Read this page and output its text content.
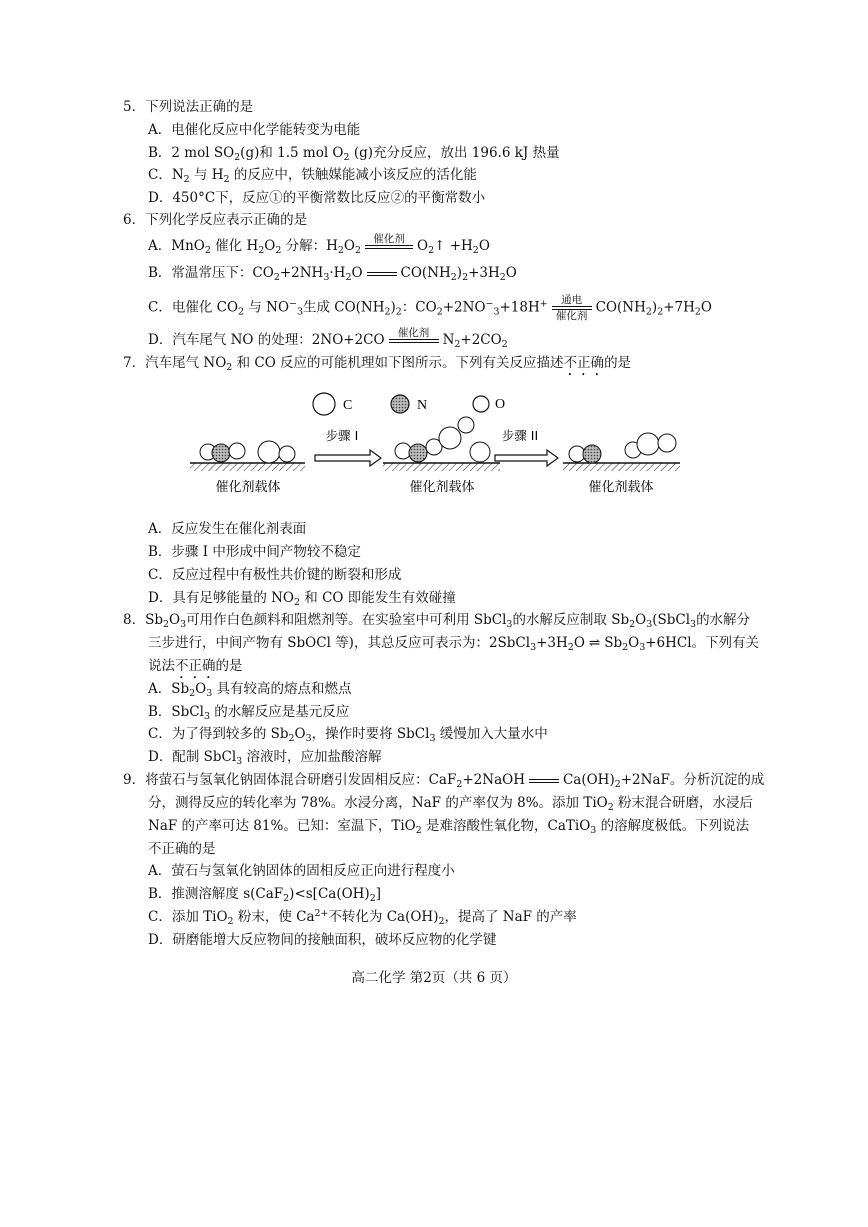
5．下列说法正确的是
A．电催化反应中化学能转变为电能
B．2 mol $SO_2(g)$和 1.5 mol $O_2$ (g)充分反应，放出 196.6 kJ 热量
C．$N_2$ 与 $H_2$ 的反应中，铁触媒能减小该反应的活化能
D．450°C下，反应①的平衡常数比反应②的平衡常数小
6．下列化学反应表示正确的是
A．MnO$_2$ 催化 $H_2O_2$ 分解：$H_2O_2$
催化剂 $O_2↑ +H_2O$
B．常温常压下：$CO_2+2NH_3\cdot H_2O$	$CO(NH_2)_2+3H_2O$
C．电催化 $CO_2$ 与 $NO^-_3$生成 $CO(NH_2)_2$：$CO_2+2NO^-_3+18H^+$	通电
催化剂
$CO(NH_2)_2+7H_2O$
D．汽车尾气 NO 的处理：2NO+2CO	催化剂 $N_2+2CO_2$
7．汽车尾气 $NO_2$ 和 CO 反应的可能机理如下图所示。下列有关反应描述不正确的是
C	N	O
催化剂载体
步骤 I
催化剂载体
步骤 II
催化剂载体
A．反应发生在催化剂表面
B．步骤 I 中形成中间产物较不稳定
C．反应过程中有极性共价键的断裂和形成
D．具有足够能量的 $NO_2$ 和 CO 即能发生有效碰撞
8．$Sb_2O_3$可用作白色颜料和阻燃剂等。在实验室中可利用 SbCl$_3$的水解反应制取 $Sb_2O_3(SbCl_3$的水解分
三步进行，中间产物有 SbOCl 等)，其总反应可表示为：$2SbCl_3+3H_2O$ ⇌ $Sb_2O_3+6HCl$。下列有关
说法不正确的是
A．$Sb_2O_3$ 具有较高的熔点和燃点
B．SbCl$_3$ 的水解反应是基元反应
C．为了得到较多的 $Sb_2O_3$，操作时要将 SbCl$_3$ 缓慢加入大量水中
D．配制 SbCl$_3$ 溶液时，应加盐酸溶解
9．将萤石与氢氧化钠固体混合研磨引发固相反应：CaF$_2$+2NaOH	$Ca(OH)_2+2NaF$。分析沉淀的成
分，测得反应的转化率为 78%。水浸分离，NaF 的产率仅为 8%。添加 TiO$_2$ 粉末混合研磨，水浸后
NaF 的产率可达 81%。已知：室温下，TiO$_2$ 是难溶酸性氧化物，CaTiO$_3$ 的溶解度极低。下列说法
不正确的是
A．萤石与氢氧化钠固体的固相反应正向进行程度小
B．推测溶解度 $s(CaF_2)<s[Ca(OH)_2]$
C．添加 TiO$_2$ 粉末，使 $Ca^{2+}$不转化为 $Ca(OH)_2$，提高了 NaF 的产率
D．研磨能增大反应物间的接触面积，破坏反应物的化学键
高二化学 第2页（共 6 页）
